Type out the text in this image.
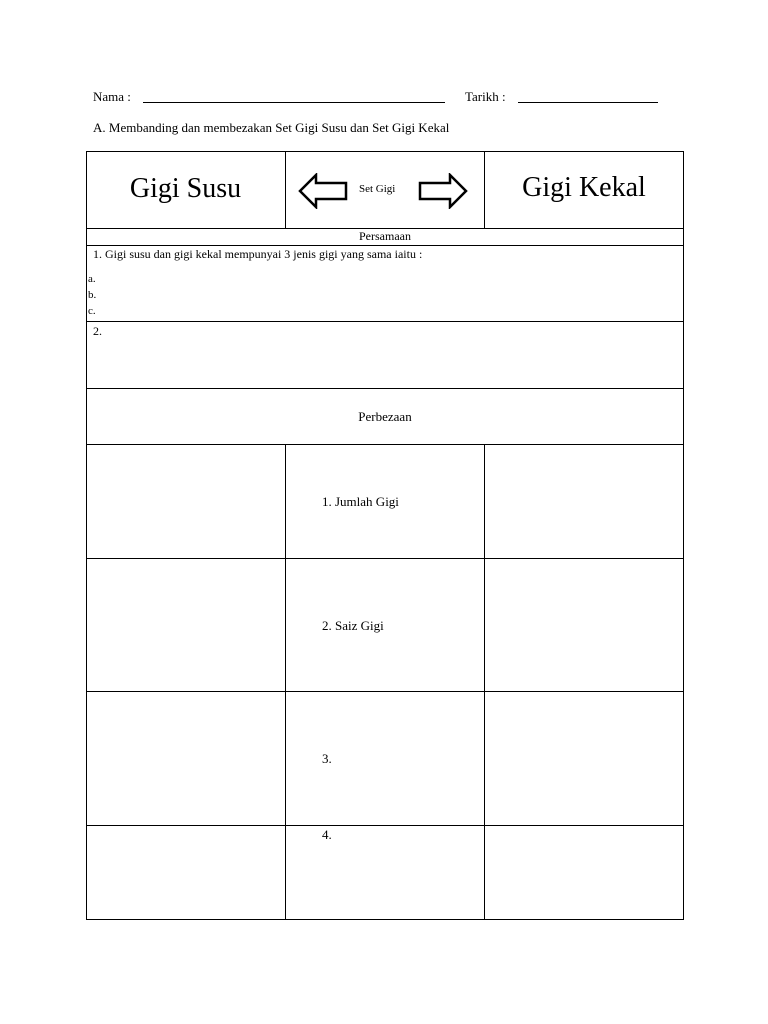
Nama :	Tarikh :
A. Membanding dan membezakan Set Gigi Susu dan Set Gigi Kekal
Gigi Susu	Gigi Kekal
Set Gigi
Persamaan
1. Gigi susu dan gigi kekal mempunyai 3 jenis gigi yang sama iaitu :
a.
b.
c.
2.
Perbezaan
1. Jumlah Gigi
2. Saiz Gigi
3.
4.
